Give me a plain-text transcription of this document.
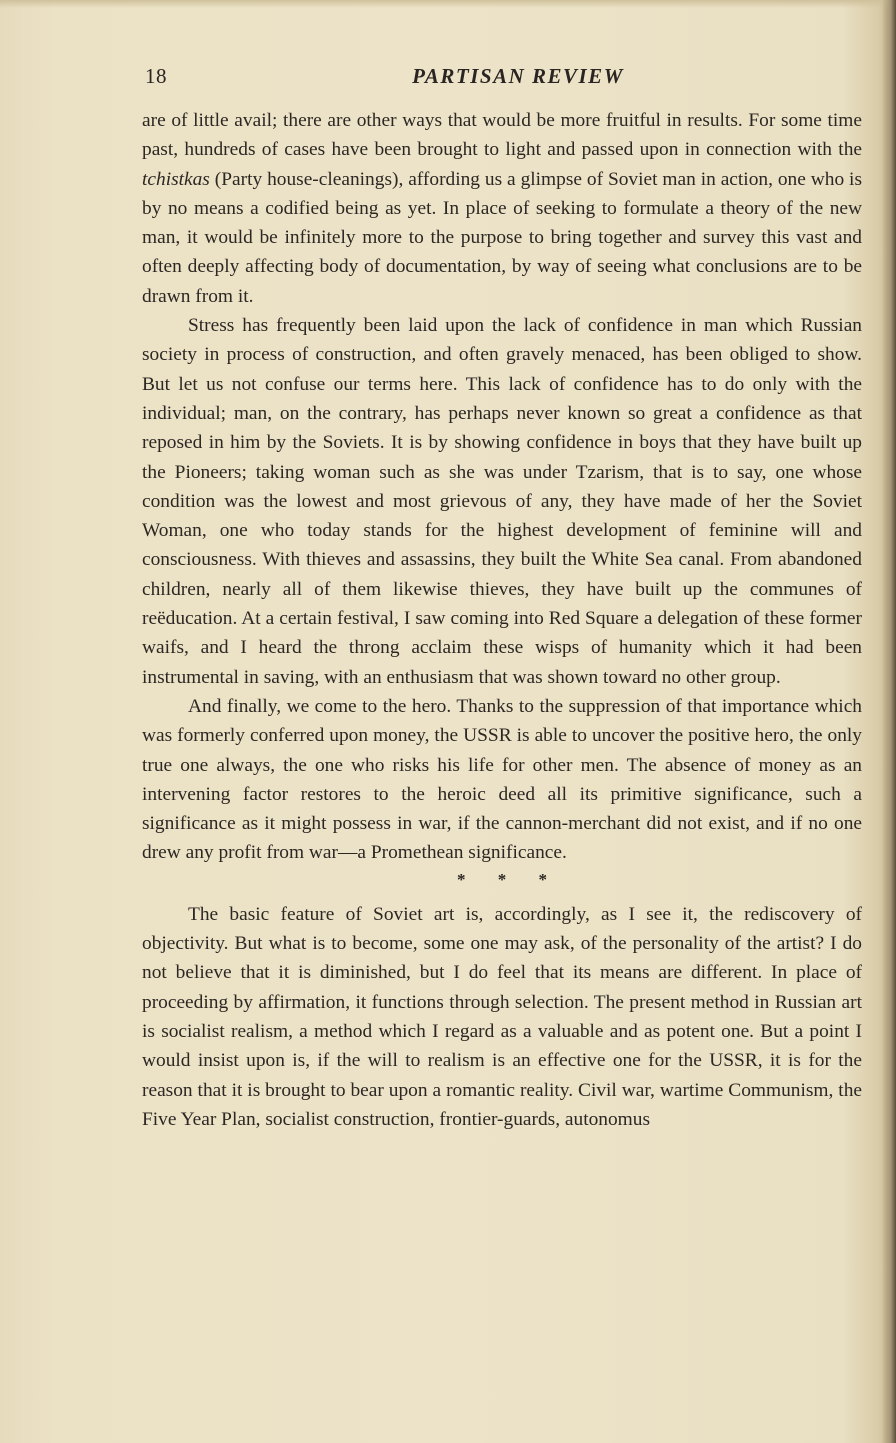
18	PARTISAN REVIEW

are of little avail; there are other ways that would be more fruitful in results. For some time past, hundreds of cases have been brought to light and passed upon in connection with the tchistkas (Party house-cleanings), affording us a glimpse of Soviet man in action, one who is by no means a codified being as yet. In place of seeking to formulate a theory of the new man, it would be infinitely more to the purpose to bring together and survey this vast and often deeply affecting body of documentation, by way of seeing what conclusions are to be drawn from it.

Stress has frequently been laid upon the lack of confidence in man which Russian society in process of construction, and often gravely menaced, has been obliged to show. But let us not confuse our terms here. This lack of confidence has to do only with the individual; man, on the contrary, has perhaps never known so great a confidence as that reposed in him by the Soviets. It is by showing confidence in boys that they have built up the Pioneers; taking woman such as she was under Tzarism, that is to say, one whose condition was the lowest and most grievous of any, they have made of her the Soviet Woman, one who today stands for the highest development of feminine will and consciousness. With thieves and assassins, they built the White Sea canal. From abandoned children, nearly all of them likewise thieves, they have built up the communes of reëducation. At a certain festival, I saw coming into Red Square a delegation of these former waifs, and I heard the throng acclaim these wisps of humanity which it had been instrumental in saving, with an enthusiasm that was shown toward no other group.

And finally, we come to the hero. Thanks to the suppression of that importance which was formerly conferred upon money, the USSR is able to uncover the positive hero, the only true one always, the one who risks his life for other men. The absence of money as an intervening factor restores to the heroic deed all its primitive significance, such a significance as it might possess in war, if the cannon-merchant did not exist, and if no one drew any profit from war—a Promethean significance.

* * *

The basic feature of Soviet art is, accordingly, as I see it, the rediscovery of objectivity. But what is to become, some one may ask, of the personality of the artist? I do not believe that it is diminished, but I do feel that its means are different. In place of proceeding by affirmation, it functions through selection. The present method in Russian art is socialist realism, a method which I regard as a valuable and as potent one. But a point I would insist upon is, if the will to realism is an effective one for the USSR, it is for the reason that it is brought to bear upon a romantic reality. Civil war, wartime Communism, the Five Year Plan, socialist construction, frontier-guards, autonomus
